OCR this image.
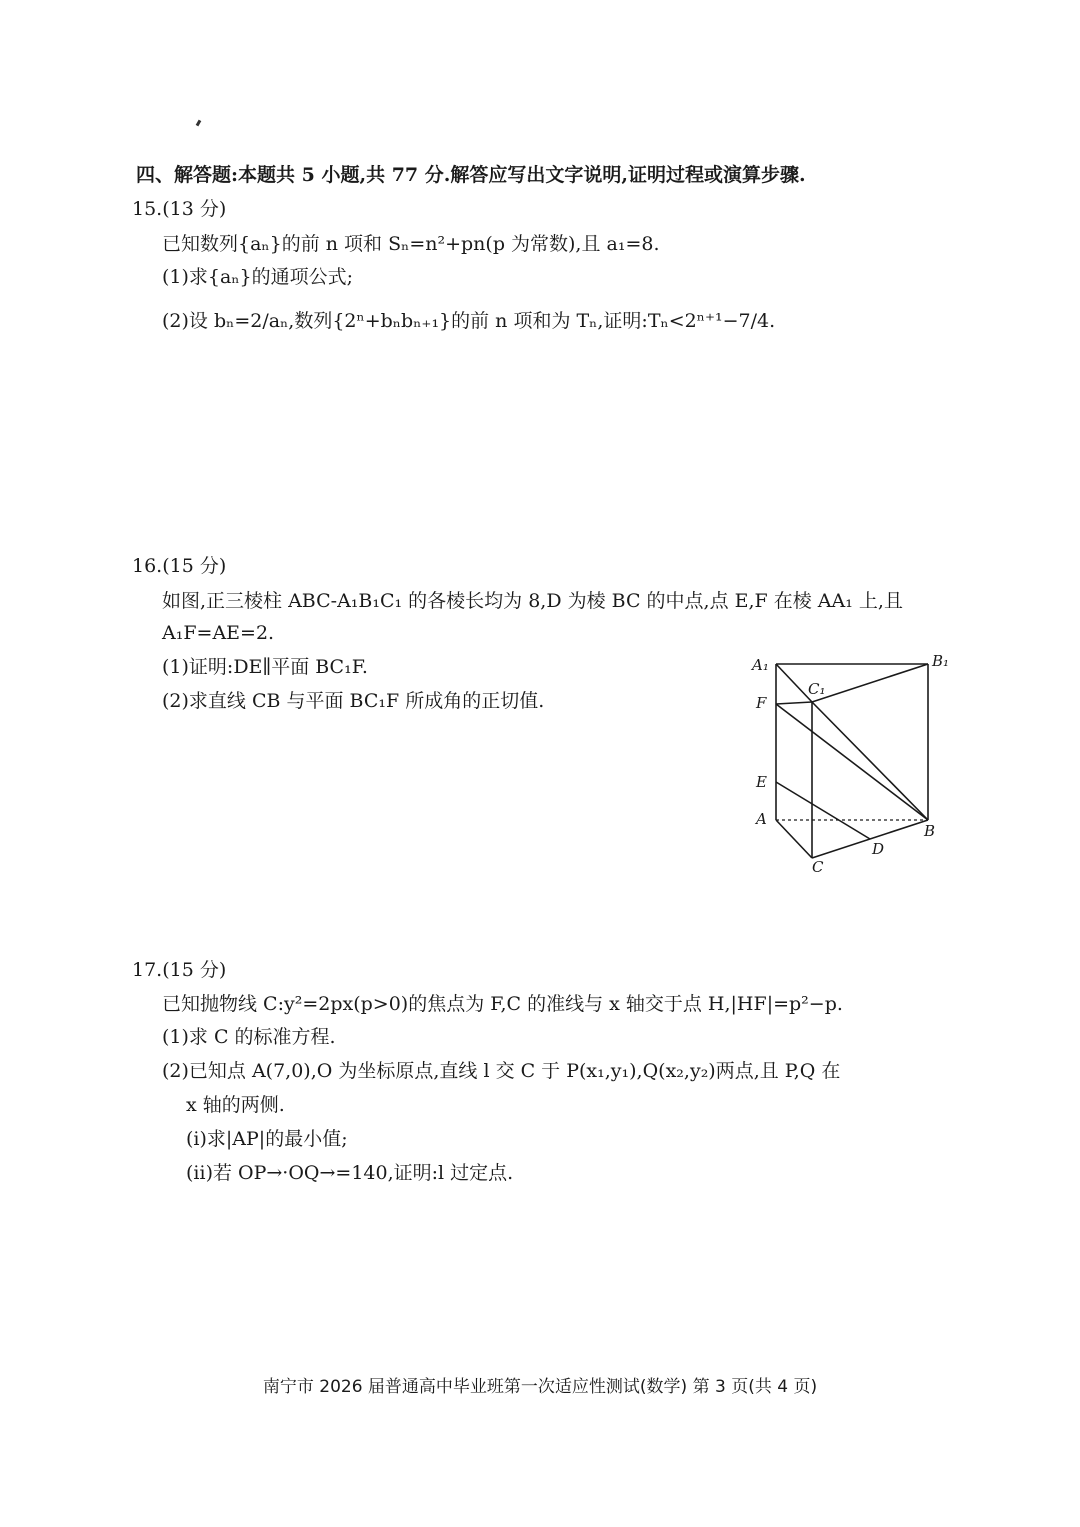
四、解答题:本题共 5 小题,共 77 分.解答应写出文字说明,证明过程或演算步骤.
15.(13 分)
已知数列{aₙ}的前 n 项和 Sₙ=n²+pn(p 为常数),且 a₁=8.
(1)求{aₙ}的通项公式;
(2)设 bₙ=2/aₙ,数列{2ⁿ+bₙbₙ₊₁}的前 n 项和为 Tₙ,证明:Tₙ<2ⁿ⁺¹−7/4.
16.(15 分)
如图,正三棱柱 ABC-A₁B₁C₁ 的各棱长均为 8,D 为棱 BC 的中点,点 E,F 在棱 AA₁ 上,且
A₁F=AE=2.
(1)证明:DE∥平面 BC₁F.
(2)求直线 CB 与平面 BC₁F 所成角的正切值.
A₁	B₁
C₁
F
E
A
B
C
D
17.(15 分)
已知抛物线 C:y²=2px(p>0)的焦点为 F,C 的准线与 x 轴交于点 H,|HF|=p²−p.
(1)求 C 的标准方程.
(2)已知点 A(7,0),O 为坐标原点,直线 l 交 C 于 P(x₁,y₁),Q(x₂,y₂)两点,且 P,Q 在
x 轴的两侧.
(ⅰ)求|AP|的最小值;
(ⅱ)若 OP→·OQ→=140,证明:l 过定点.
南宁市 2026 届普通高中毕业班第一次适应性测试(数学) 第 3 页(共 4 页)
